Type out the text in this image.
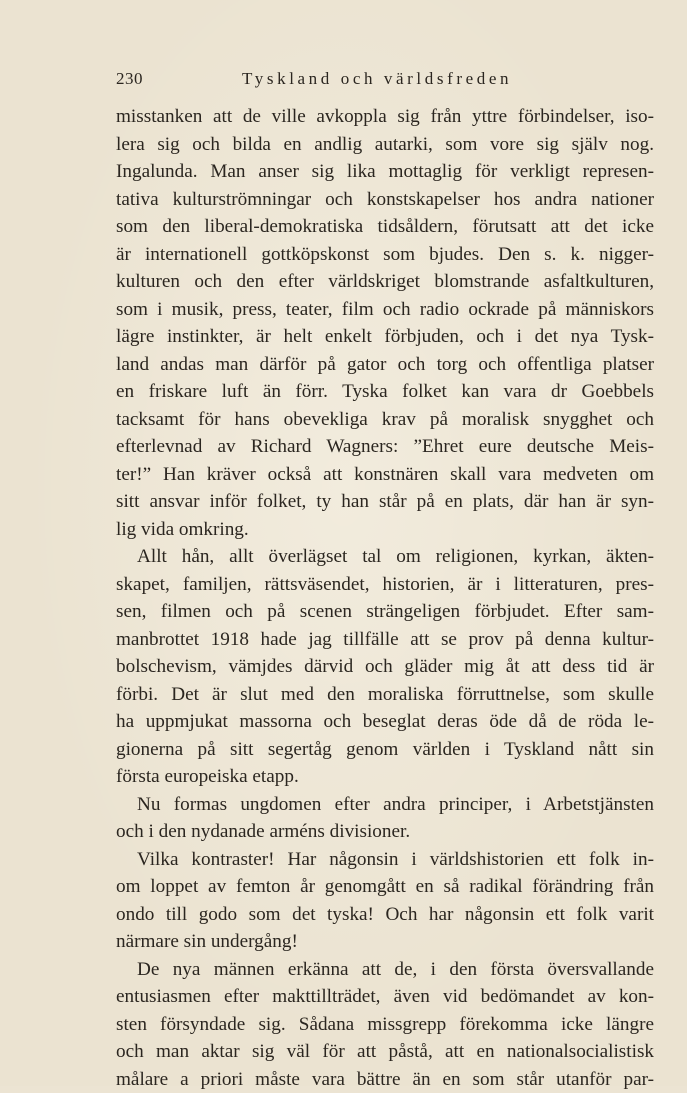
230	Tyskland och världsfreden
misstanken att de ville avkoppla sig från yttre förbindelser, iso-
lera sig och bilda en andlig autarki, som vore sig själv nog.
Ingalunda. Man anser sig lika mottaglig för verkligt represen-
tativa kulturströmningar och konstskapelser hos andra nationer
som den liberal-demokratiska tidsåldern, förutsatt att det icke
är internationell gottköpskonst som bjudes. Den s. k. nigger-
kulturen och den efter världskriget blomstrande asfaltkulturen,
som i musik, press, teater, film och radio ockrade på människors
lägre instinkter, är helt enkelt förbjuden, och i det nya Tysk-
land andas man därför på gator och torg och offentliga platser
en friskare luft än förr. Tyska folket kan vara dr Goebbels
tacksamt för hans obevekliga krav på moralisk snygghet och
efterlevnad av Richard Wagners: ”Ehret eure deutsche Meis-
ter!” Han kräver också att konstnären skall vara medveten om
sitt ansvar inför folket, ty han står på en plats, där han är syn-
lig vida omkring.
Allt hån, allt överlägset tal om religionen, kyrkan, äkten-
skapet, familjen, rättsväsendet, historien, är i litteraturen, pres-
sen, filmen och på scenen strängeligen förbjudet. Efter sam-
manbrottet 1918 hade jag tillfälle att se prov på denna kultur-
bolschevism, vämjdes därvid och gläder mig åt att dess tid är
förbi. Det är slut med den moraliska förruttnelse, som skulle
ha uppmjukat massorna och beseglat deras öde då de röda le-
gionerna på sitt segertåg genom världen i Tyskland nått sin
första europeiska etapp.
Nu formas ungdomen efter andra principer, i Arbetstjänsten
och i den nydanade arméns divisioner.
Vilka kontraster! Har någonsin i världshistorien ett folk in-
om loppet av femton år genomgått en så radikal förändring från
ondo till godo som det tyska! Och har någonsin ett folk varit
närmare sin undergång!
De nya männen erkänna att de, i den första översvallande
entusiasmen efter makttillträdet, även vid bedömandet av kon-
sten försyndade sig. Sådana missgrepp förekomma icke längre
och man aktar sig väl för att påstå, att en nationalsocialistisk
målare a priori måste vara bättre än en som står utanför par-
